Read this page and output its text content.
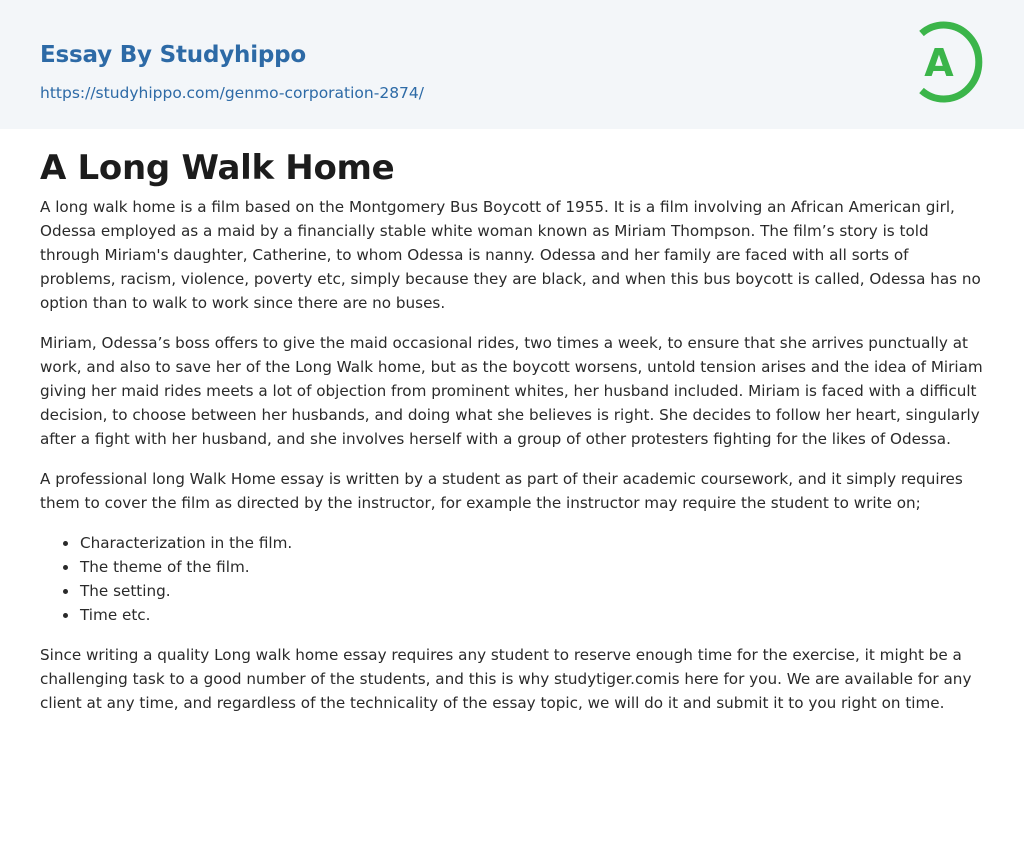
Essay By Studyhippo
https://studyhippo.com/genmo-corporation-2874/
A
A Long Walk Home

A long walk home is a film based on the Montgomery Bus Boycott of 1955. It is a film involving an African American girl, Odessa employed as a maid by a financially stable white woman known as Miriam Thompson. The film’s story is told through Miriam's daughter, Catherine, to whom Odessa is nanny. Odessa and her family are faced with all sorts of problems, racism, violence, poverty etc, simply because they are black, and when this bus boycott is called, Odessa has no option than to walk to work since there are no buses.

Miriam, Odessa’s boss offers to give the maid occasional rides, two times a week, to ensure that she arrives punctually at work, and also to save her of the Long Walk home, but as the boycott worsens, untold tension arises and the idea of Miriam giving her maid rides meets a lot of objection from prominent whites, her husband included. Miriam is faced with a difficult decision, to choose between her husbands, and doing what she believes is right. She decides to follow her heart, singularly after a fight with her husband, and she involves herself with a group of other protesters fighting for the likes of Odessa.

A professional long Walk Home essay is written by a student as part of their academic coursework, and it simply requires them to cover the film as directed by the instructor, for example the instructor may require the student to write on;

Characterization in the film.
The theme of the film.
The setting.
Time etc.

Since writing a quality Long walk home essay requires any student to reserve enough time for the exercise, it might be a challenging task to a good number of the students, and this is why studytiger.comis here for you. We are available for any client at any time, and regardless of the technicality of the essay topic, we will do it and submit it to you right on time.
